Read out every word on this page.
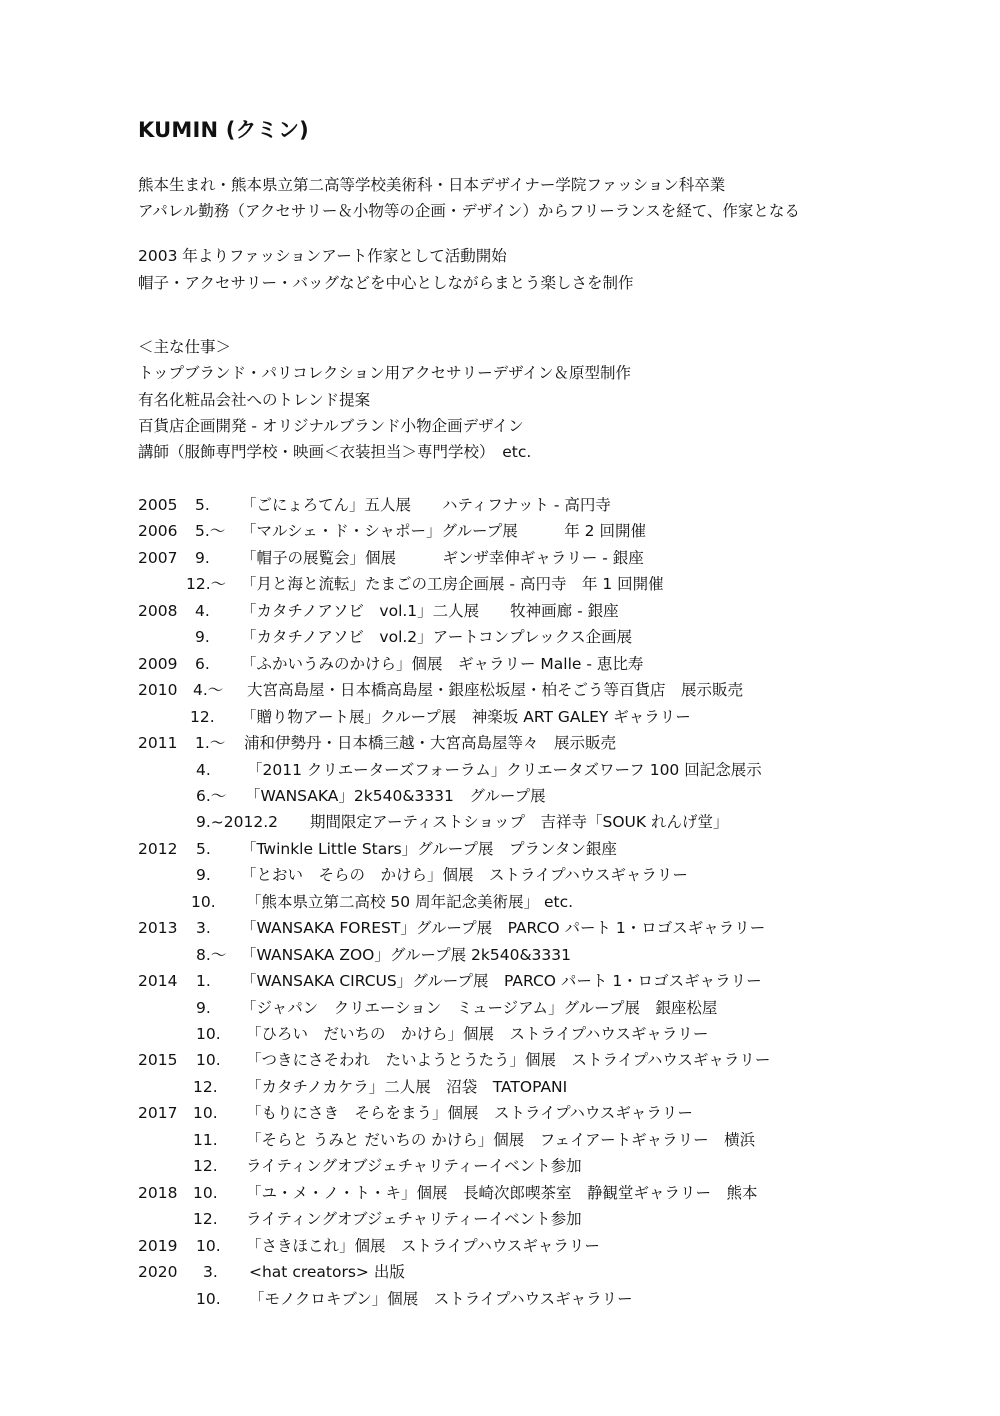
KUMIN (クミン)
熊本生まれ・熊本県立第二高等学校美術科・日本デザイナー学院ファッション科卒業
アパレル勤務（アクセサリー＆小物等の企画・デザイン）からフリーランスを経て、作家となる
2003 年よりファッションアート作家として活動開始
帽子・アクセサリー・バッグなどを中心としながらまとう楽しさを制作
＜主な仕事＞
トップブランド・パリコレクション用アクセサリーデザイン＆原型制作
有名化粧品会社へのトレンド提案
百貨店企画開発 - オリジナルブランド小物企画デザイン
講師（服飾専門学校・映画＜衣装担当＞専門学校）　etc.
2005 5. 「ごにょろてん」五人展　　ハティフナット - 高円寺
2006 5.～ 「マルシェ・ド・シャポー」グループ展　　　年 2 回開催
2007 9. 「帽子の展覧会」個展　　　ギンザ幸伸ギャラリー - 銀座
12.～ 「月と海と流転」たまごの工房企画展 - 高円寺　年 1 回開催
2008 4. 「カタチノアソビ　vol.1」二人展　　牧神画廊 - 銀座
9. 「カタチノアソビ　vol.2」アートコンプレックス企画展
2009 6. 「ふかいうみのかけら」個展　ギャラリー Malle - 恵比寿
2010 4.～ 大宮高島屋・日本橋高島屋・銀座松坂屋・柏そごう等百貨店　展示販売
12. 「贈り物アート展」クループ展　神楽坂 ART GALEY ギャラリー
2011 1.～ 浦和伊勢丹・日本橋三越・大宮高島屋等々　展示販売
4. 「2011 クリエーターズフォーラム」クリエータズワーフ 100 回記念展示
6.～ 「WANSAKA」2k540&3331　グループ展
9.~2012.2 期間限定アーティストショップ　吉祥寺「SOUK れんげ堂」
2012 5. 「Twinkle Little Stars」グループ展　プランタン銀座
9. 「とおい　そらの　かけら」個展　ストライプハウスギャラリー
10. 「熊本県立第二高校 50 周年記念美術展」 etc.
2013 3. 「WANSAKA FOREST」グループ展　PARCO パート 1・ロゴスギャラリー
8.～ 「WANSAKA ZOO」グループ展 2k540&3331
2014 1. 「WANSAKA CIRCUS」グループ展　PARCO パート 1・ロゴスギャラリー
9. 「ジャパン　クリエーション　ミュージアム」グループ展　銀座松屋
10. 「ひろい　だいちの　かけら」個展　ストライプハウスギャラリー
2015 10. 「つきにさそわれ　たいようとうたう」個展　ストライプハウスギャラリー
12. 「カタチノカケラ」二人展　沼袋　TATOPANI
2017 10. 「もりにさき　そらをまう」個展　ストライプハウスギャラリー
11. 「そらと うみと だいちの かけら」個展　フェイアートギャラリー　横浜
12. ライティングオブジェチャリティーイベント参加
2018 10. 「ユ・メ・ノ・ト・キ」個展　長崎次郎喫茶室　静観堂ギャラリー　熊本
12. ライティングオブジェチャリティーイベント参加
2019 10. 「さきほこれ」個展　ストライプハウスギャラリー
2020 3. <hat creators> 出版
10. 「モノクロキブン」個展　ストライプハウスギャラリー
